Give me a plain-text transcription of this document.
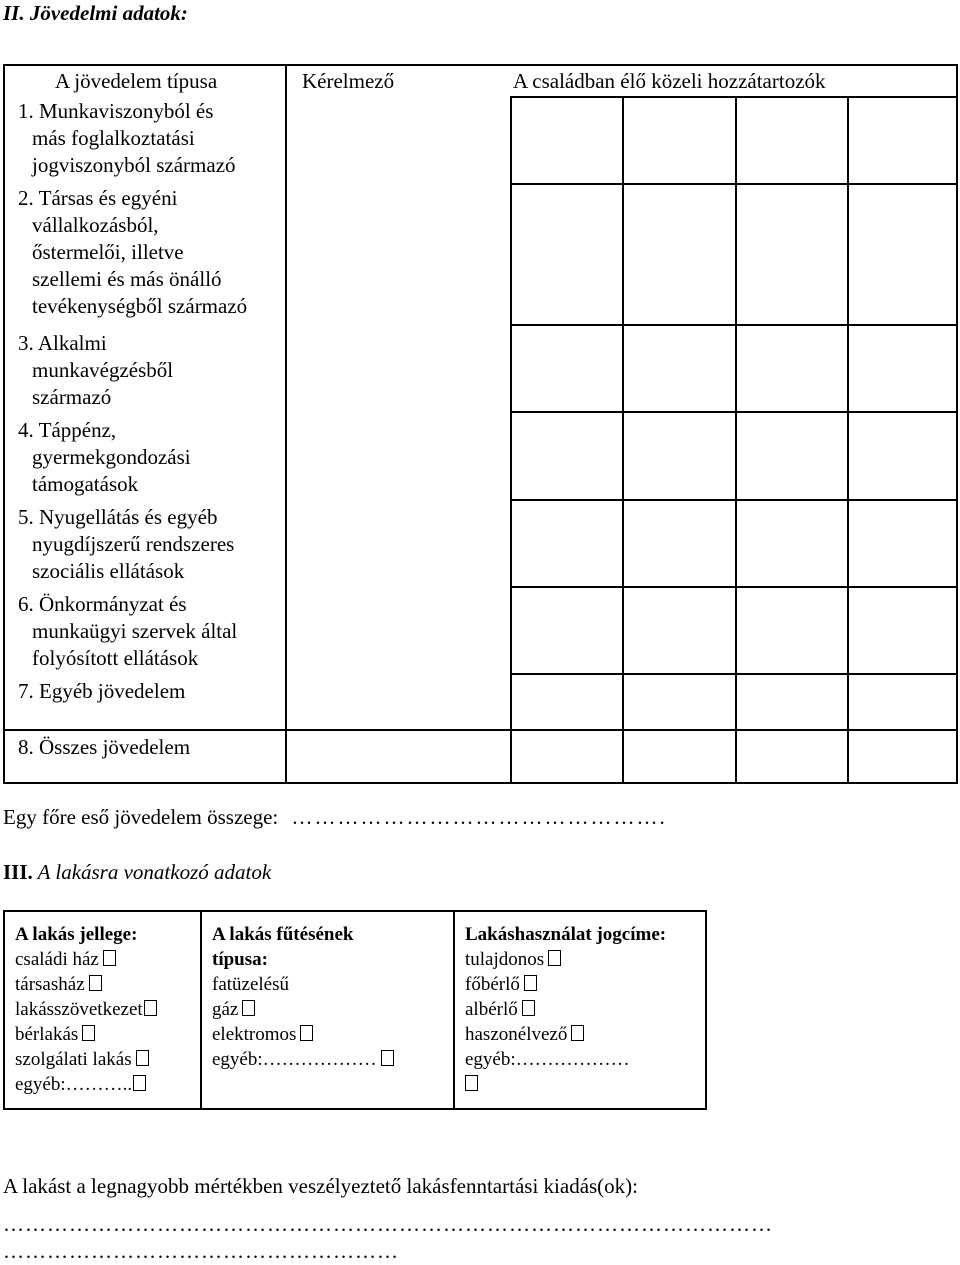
II. Jövedelmi adatok:
A jövedelem típusa	Kérelmező	A családban élő közeli hozzátartozók
1. Munkaviszonyból és
más foglalkoztatási
jogviszonyból származó
2. Társas és egyéni
vállalkozásból,
őstermelői, illetve
szellemi és más önálló
tevékenységből származó
3. Alkalmi
munkavégzésből
származó
4. Táppénz,
gyermekgondozási
támogatások
5. Nyugellátás és egyéb
nyugdíjszerű rendszeres
szociális ellátások
6. Önkormányzat és
munkaügyi szervek által
folyósított ellátások
7. Egyéb jövedelem
8. Összes jövedelem
Egy főre eső jövedelem összege: ………………………………………….
III. A lakásra vonatkozó adatok
A lakás jellege:
családi ház
társasház
lakásszövetkezet
bérlakás
szolgálati lakás
egyéb:………..
A lakás fűtésének
típusa:
fatüzelésű
gáz
elektromos
egyéb:………………
Lakáshasználat jogcíme:
tulajdonos
főbérlő
albérlő
haszonélvező
egyéb:………………
A lakást a legnagyobb mértékben veszélyeztető lakásfenntartási kiadás(ok):
……………………………………………………………………………………………
………………………………………………
